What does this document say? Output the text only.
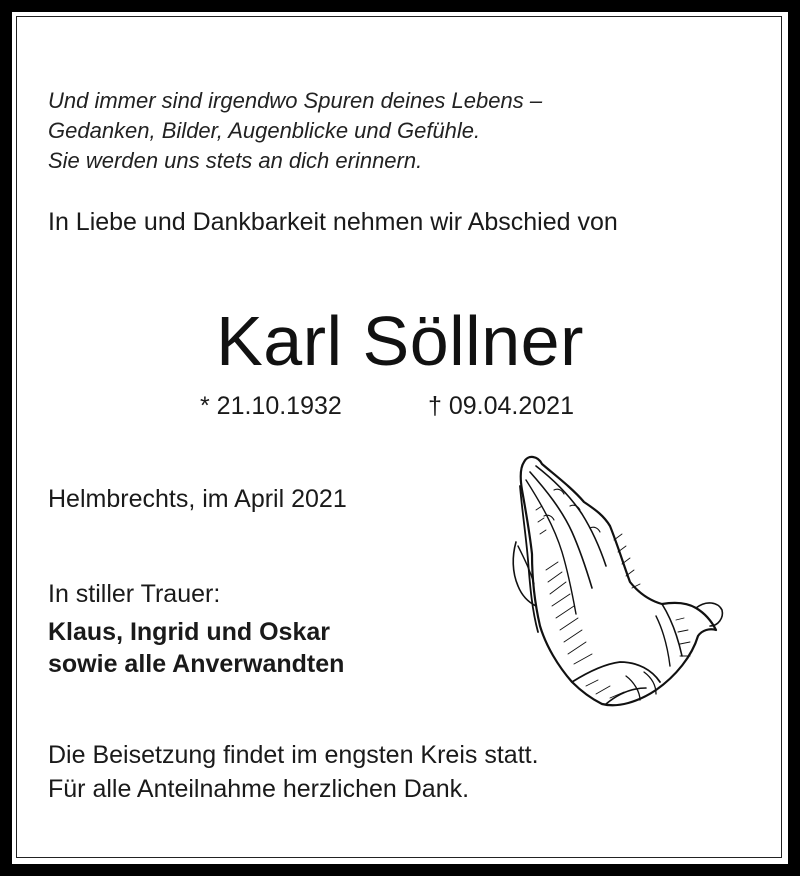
Und immer sind irgendwo Spuren deines Lebens –
Gedanken, Bilder, Augenblicke und Gefühle.
Sie werden uns stets an dich erinnern.
In Liebe und Dankbarkeit nehmen wir Abschied von
Karl Söllner
* 21.10.1932	† 09.04.2021
Helmbrechts, im April 2021
In stiller Trauer:
Klaus, Ingrid und Oskar
sowie alle Anverwandten
Die Beisetzung findet im engsten Kreis statt.
Für alle Anteilnahme herzlichen Dank.
